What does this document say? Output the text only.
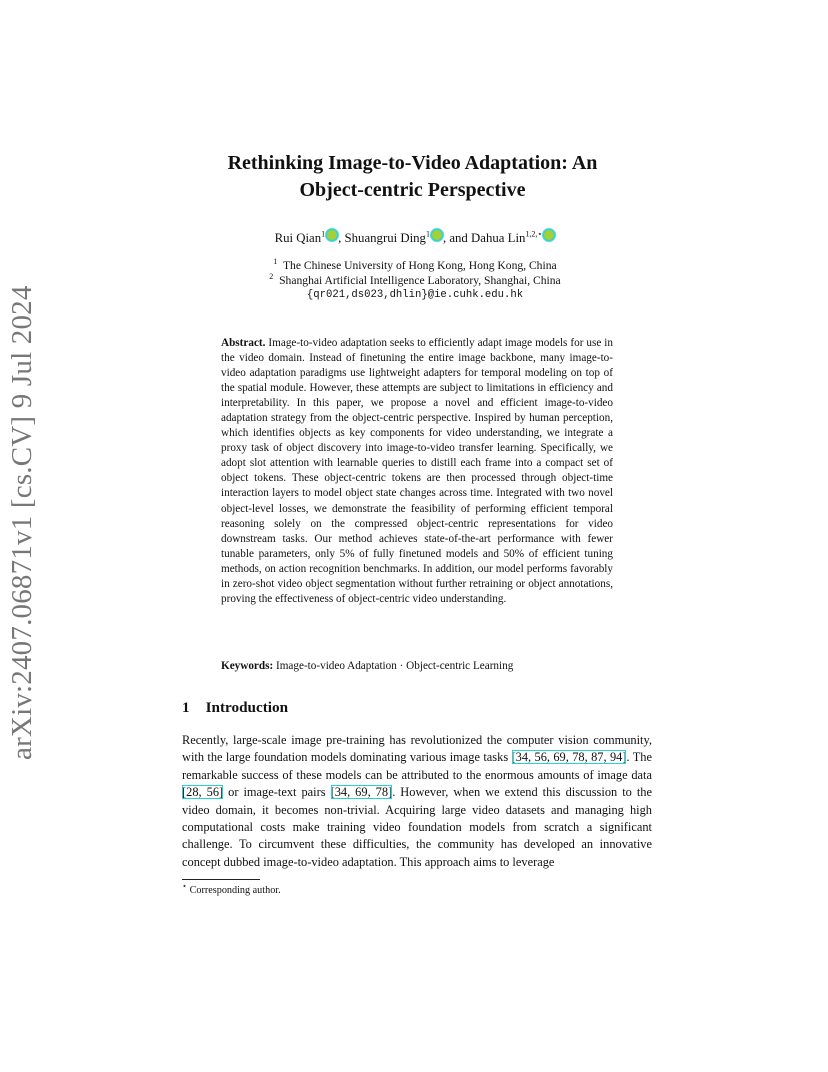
arXiv:2407.06871v1 [cs.CV] 9 Jul 2024
Rethinking Image-to-Video Adaptation: An
Object-centric Perspective
Rui Qian$^1$ , Shuangrui Ding$^1$ , and Dahua Lin$^{1,2,⋆}$
$^1$ The Chinese University of Hong Kong, Hong Kong, China
$^2$ Shanghai Artificial Intelligence Laboratory, Shanghai, China
{qr021,ds023,dhlin}@ie.cuhk.edu.hk
Abstract. Image-to-video adaptation seeks to efficiently adapt image models for use in the video domain. Instead of finetuning the entire image backbone, many image-to-video adaptation paradigms use lightweight adapters for temporal modeling on top of the spatial module. However, these attempts are subject to limitations in efficiency and interpretability. In this paper, we propose a novel and efficient image-to-video adaptation strategy from the object-centric perspective. Inspired by human perception, which identifies objects as key components for video understanding, we integrate a proxy task of object discovery into image-to-video transfer learning. Specifically, we adopt slot attention with learnable queries to distill each frame into a compact set of object tokens. These object-centric tokens are then processed through object-time interaction layers to model object state changes across time. Integrated with two novel object-level losses, we demonstrate the feasibility of performing efficient temporal reasoning solely on the compressed object-centric representations for video downstream tasks. Our method achieves state-of-the-art performance with fewer tunable parameters, only 5% of fully finetuned models and 50% of efficient tuning methods, on action recognition benchmarks. In addition, our model performs favorably in zero-shot video object segmentation without further retraining or object annotations, proving the effectiveness of object-centric video understanding.
Keywords: Image-to-video Adaptation · Object-centric Learning
1 Introduction
Recently, large-scale image pre-training has revolutionized the computer vision community, with the large foundation models dominating various image tasks [34, 56, 69, 78, 87, 94]. The remarkable success of these models can be attributed to the enormous amounts of image data [28, 56] or image-text pairs [34, 69, 78]. However, when we extend this discussion to the video domain, it becomes non-trivial. Acquiring large video datasets and managing high computational costs make training video foundation models from scratch a significant challenge. To circumvent these difficulties, the community has developed an innovative concept dubbed image-to-video adaptation. This approach aims to leverage
⋆ Corresponding author.
